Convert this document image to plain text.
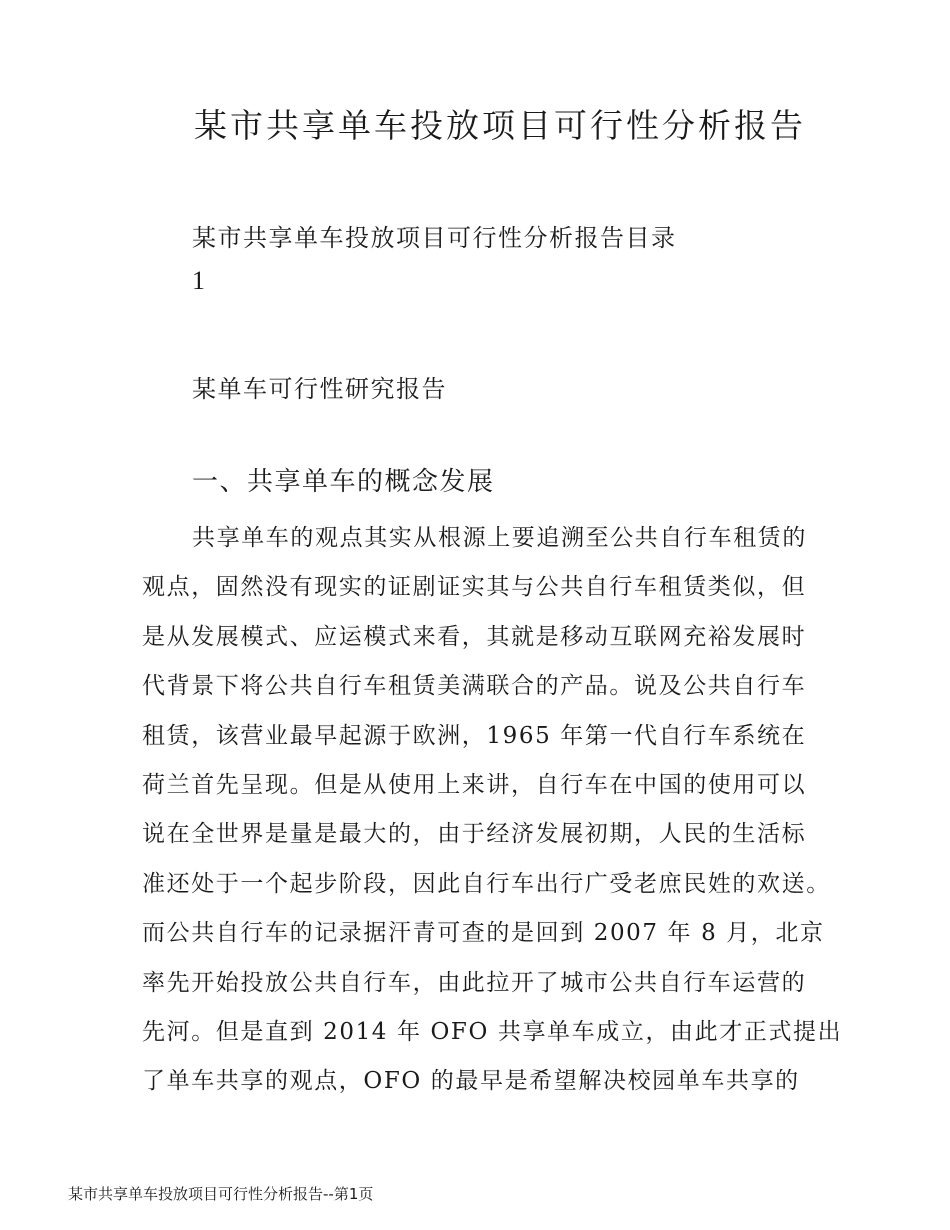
某市共享单车投放项目可行性分析报告
某市共享单车投放项目可行性分析报告目录
1
某单车可行性研究报告
一、共享单车的概念发展
共享单车的观点其实从根源上要追溯至公共自行车租赁的
观点，固然没有现实的证剧证实其与公共自行车租赁类似，但
是从发展模式、应运模式来看，其就是移动互联网充裕发展时
代背景下将公共自行车租赁美满联合的产品。说及公共自行车
租赁，该营业最早起源于欧洲，1965 年第一代自行车系统在
荷兰首先呈现。但是从使用上来讲，自行车在中国的使用可以
说在全世界是量是最大的，由于经济发展初期，人民的生活标
准还处于一个起步阶段，因此自行车出行广受老庶民姓的欢送。
而公共自行车的记录据汗青可查的是回到 2007 年 8 月，北京
率先开始投放公共自行车，由此拉开了城市公共自行车运营的
先河。但是直到 2014 年 OFO 共享单车成立，由此才正式提出
了单车共享的观点，OFO 的最早是希望解决校园单车共享的
某市共享单车投放项目可行性分析报告--第1页
